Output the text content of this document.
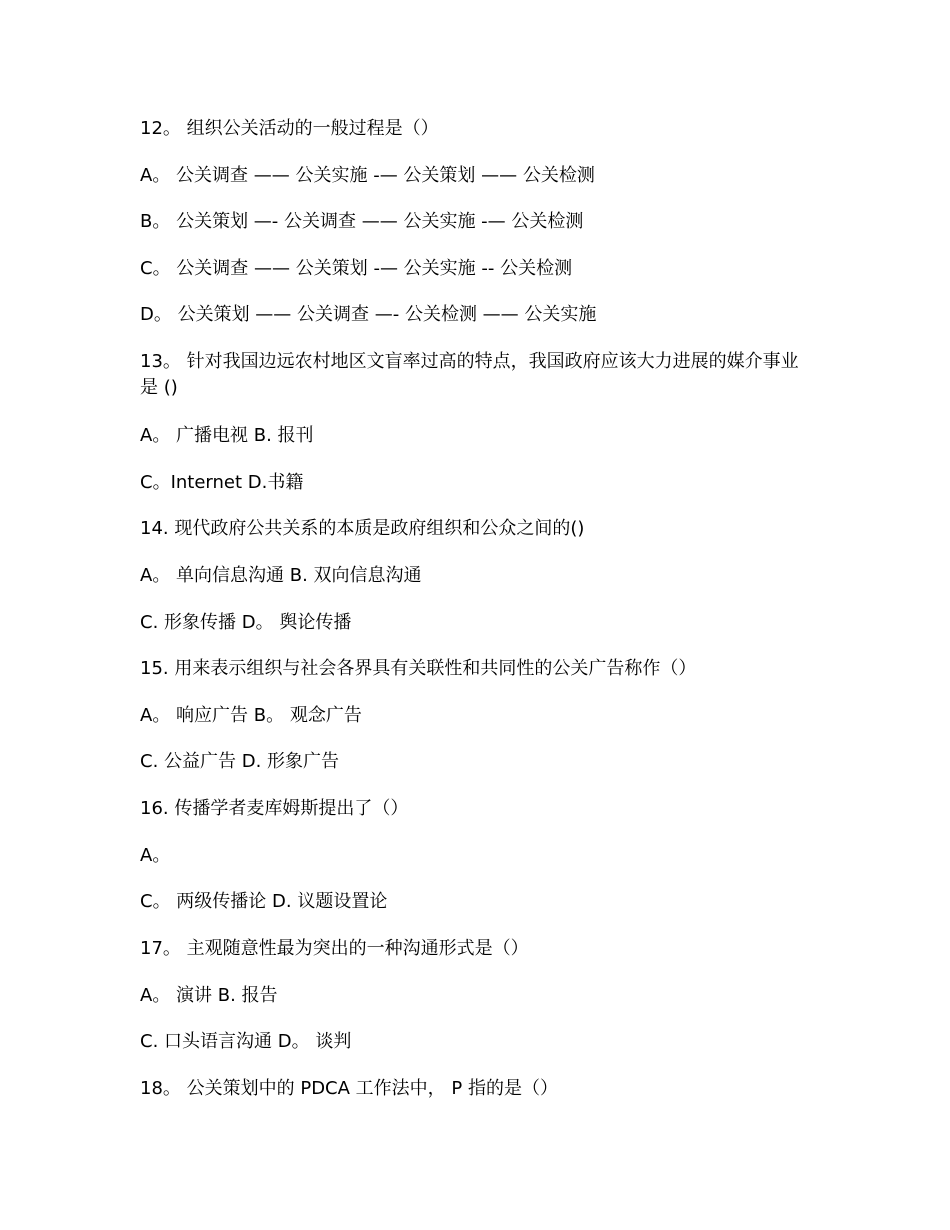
12。 组织公关活动的一般过程是（）
A。 公关调查 —— 公关实施 -— 公关策划 —— 公关检测
B。 公关策划 —- 公关调查 —— 公关实施 -— 公关检测
C。 公关调查 —— 公关策划 -— 公关实施 -- 公关检测
D。 公关策划 —— 公关调查 —- 公关检测 —— 公关实施
13。 针对我国边远农村地区文盲率过高的特点，我国政府应该大力进展的媒介事业是 ()
A。 广播电视 B. 报刊
C。Internet D.书籍
14. 现代政府公共关系的本质是政府组织和公众之间的()
A。 单向信息沟通 B. 双向信息沟通
C. 形象传播 D。 舆论传播
15. 用来表示组织与社会各界具有关联性和共同性的公关广告称作（）
A。 响应广告 B。 观念广告
C. 公益广告 D. 形象广告
16. 传播学者麦库姆斯提出了（）
A。
C。 两级传播论 D. 议题设置论
17。 主观随意性最为突出的一种沟通形式是（）
A。 演讲 B. 报告
C. 口头语言沟通 D。 谈判
18。 公关策划中的 PDCA 工作法中， P 指的是（）
